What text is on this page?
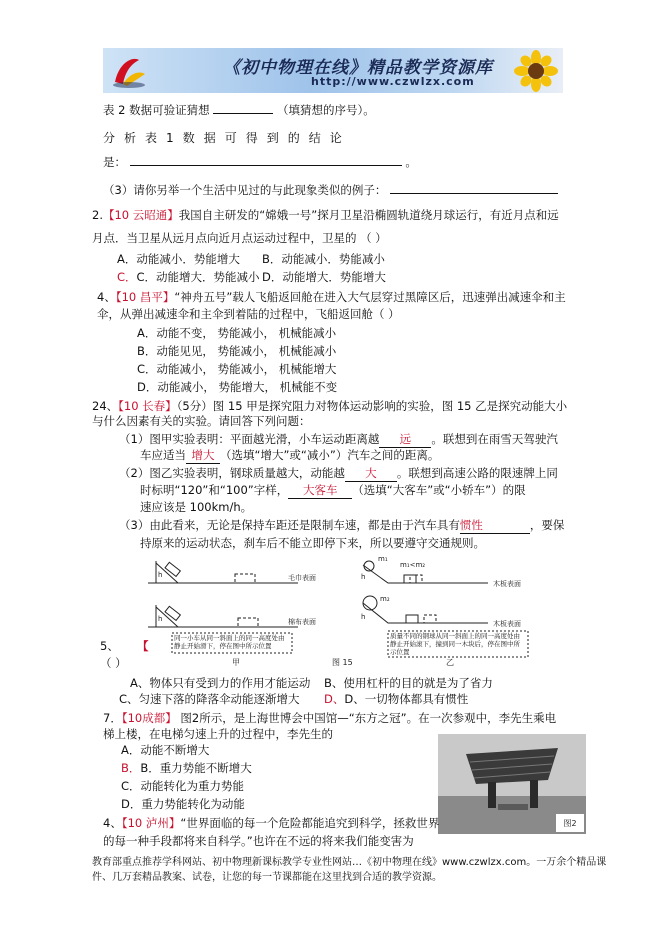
《初中物理在线》精品教学资源库
http://www.czwlzx.com
表 2 数据可验证猜想	（填猜想的序号）。
分 析 表 1 数 据 可 得 到 的 结 论
是：	。
（3）请你另举一个生活中见过的与此现象类似的例子：
2.【10 云昭通】我国自主研发的“嫦娥一号”探月卫星沿椭圆轨道绕月球运行，有近月点和远
月点．当卫星从远月点向近月点运动过程中，卫星的 （ ）
A．动能减小．势能增大 B．动能减小．势能减小
C．C．动能增大．势能减小 D．动能增大．势能增大
4、【10 昌平】“神舟五号”载人飞船返回舱在进入大气层穿过黑障区后，迅速弹出减速伞和主
伞，从弹出减速伞和主伞到着陆的过程中，飞船返回舱（ ）
A．动能不变， 势能减小， 机械能减小
B．动能见见， 势能减小， 机械能减小
C．动能减小， 势能减小， 机械能增大
D．动能减小， 势能增大， 机械能不变
24、【10 长春】（5分）图 15 甲是探究阻力对物体运动影响的实验，图 15 乙是探究动能大小
与什么因素有关的实验。请回答下列问题：
（1）图甲实验表明：平面越光滑，小车运动距离越 远 。联想到在雨雪天驾驶汽
车应适当 增大 （选填“增大”或“减小”）汽车之间的距离。
（2）图乙实验表明，钢球质量越大，动能越 大 。联想到高速公路的限速牌上同
时标明“120”和“100”字样， 大客车 （选填“大客车”或“小轿车”）的限
速应该是 100km/h。
（3）由此看来，无论是保持车距还是限制车速，都是由于汽车具有惯性	，要保
持原来的运动状态，刹车后不能立即停下来，所以要遵守交通规则。
h
h
h
h
毛巾表面
棉布表面
木板表面
木板表面
m₁
m₁<m₂
m₂
甲	图 15	乙
同一小车从同一斜面上的同一高度处由静止开始滑下，停在图中所示位置
质量不同的钢球从同一斜面上的同一高度处由静止开始滚下，撞到同一木块后，停在图中所示位置
5、 【
（ ）
A、物体只有受到力的作用才能运动 B、使用杠杆的目的就是为了省力
C、匀速下落的降落伞动能逐渐增大 D、D、一切物体都具有惯性
7．【10成都】 图2所示，是上海世博会中国馆—“东方之冠”。在一次参观中，李先生乘电
梯上楼，在电梯匀速上升的过程中，李先生的
A．动能不断增大
B．B．重力势能不断增大
C．动能转化为重力势能
D．重力势能转化为动能
图2
4、【10 泸州】“世界面临的每一个危险都能追究到科学，拯救世界
的每一种手段都将来自科学。”也许在不远的将来我们能变害为
教育部重点推荐学科网站、初中物理新课标教学专业性网站…《初中物理在线》www.czwlzx.com。一万余个精品课件、几万套精品教案、试卷，让您的每一节课都能在这里找到合适的教学资源。
